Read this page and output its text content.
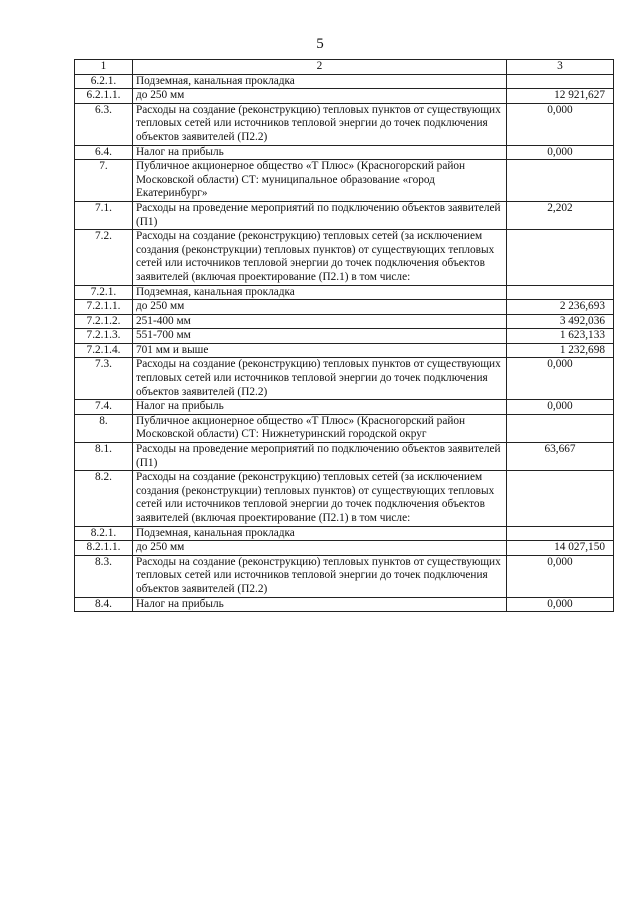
5
1	2	3
6.2.1.	Подземная, канальная прокладка	
6.2.1.1.	до 250 мм	12 921,627
6.3.	Расходы на создание (реконструкцию) тепловых пунктов от существующих тепловых сетей или источников тепловой энергии до точек подключения объектов заявителей (П2.2)	0,000
6.4.	Налог на прибыль	0,000
7.	Публичное акционерное общество «Т Плюс» (Красногорский район Московской области) СТ: муниципальное образование «город Екатеринбург»	
7.1.	Расходы на проведение мероприятий по подключению объектов заявителей (П1)	2,202
7.2.	Расходы на создание (реконструкцию) тепловых сетей (за исключением создания (реконструкции) тепловых пунктов) от существующих тепловых сетей или источников тепловой энергии до точек подключения объектов заявителей (включая проектирование (П2.1) в том числе:	
7.2.1.	Подземная, канальная прокладка	
7.2.1.1.	до 250 мм	2 236,693
7.2.1.2.	251-400 мм	3 492,036
7.2.1.3.	551-700 мм	1 623,133
7.2.1.4.	701 мм и выше	1 232,698
7.3.	Расходы на создание (реконструкцию) тепловых пунктов от существующих тепловых сетей или источников тепловой энергии до точек подключения объектов заявителей (П2.2)	0,000
7.4.	Налог на прибыль	0,000
8.	Публичное акционерное общество «Т Плюс» (Красногорский район Московской области) СТ: Нижнетуринский городской округ	
8.1.	Расходы на проведение мероприятий по подключению объектов заявителей (П1)	63,667
8.2.	Расходы на создание (реконструкцию) тепловых сетей (за исключением создания (реконструкции) тепловых пунктов) от существующих тепловых сетей или источников тепловой энергии до точек подключения объектов заявителей (включая проектирование (П2.1) в том числе:	
8.2.1.	Подземная, канальная прокладка	
8.2.1.1.	до 250 мм	14 027,150
8.3.	Расходы на создание (реконструкцию) тепловых пунктов от существующих тепловых сетей или источников тепловой энергии до точек подключения объектов заявителей (П2.2)	0,000
8.4.	Налог на прибыль	0,000
